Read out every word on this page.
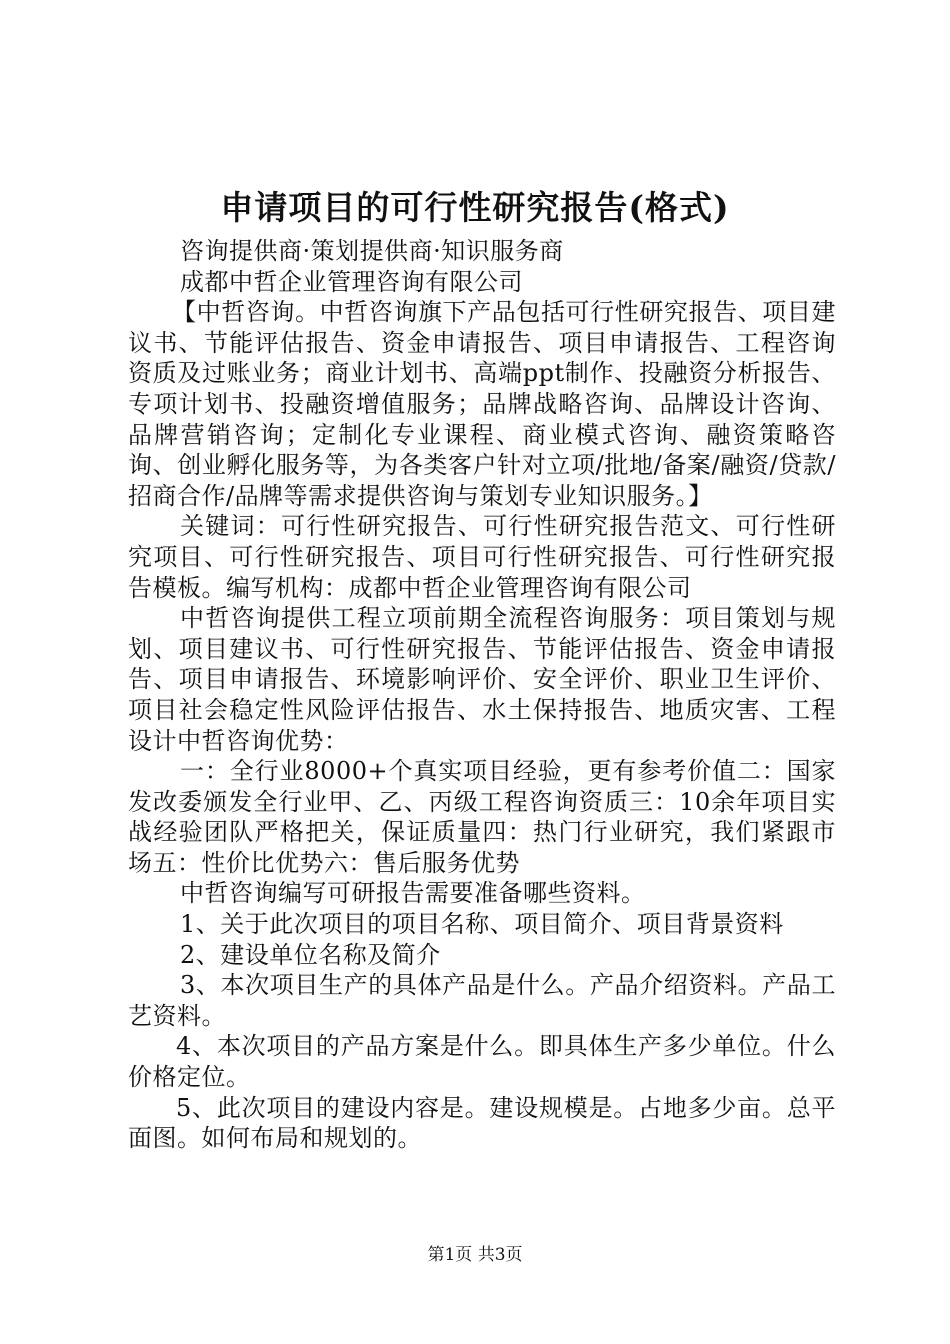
申请项目的可行性研究报告(格式)

咨询提供商·策划提供商·知识服务商

成都中哲企业管理咨询有限公司

【中哲咨询。中哲咨询旗下产品包括可行性研究报告、项目建议书、节能评估报告、资金申请报告、项目申请报告、工程咨询资质及过账业务；商业计划书、高端ppt制作、投融资分析报告、专项计划书、投融资增值服务；品牌战略咨询、品牌设计咨询、品牌营销咨询；定制化专业课程、商业模式咨询、融资策略咨询、创业孵化服务等，为各类客户针对立项/批地/备案/融资/贷款/招商合作/品牌等需求提供咨询与策划专业知识服务。】

关键词：可行性研究报告、可行性研究报告范文、可行性研究项目、可行性研究报告、项目可行性研究报告、可行性研究报告模板。编写机构：成都中哲企业管理咨询有限公司

中哲咨询提供工程立项前期全流程咨询服务：项目策划与规划、项目建议书、可行性研究报告、节能评估报告、资金申请报告、项目申请报告、环境影响评价、安全评价、职业卫生评价、项目社会稳定性风险评估报告、水土保持报告、地质灾害、工程设计中哲咨询优势：

一：全行业8000+个真实项目经验，更有参考价值二：国家发改委颁发全行业甲、乙、丙级工程咨询资质三：10余年项目实战经验团队严格把关，保证质量四：热门行业研究，我们紧跟市场五：性价比优势六：售后服务优势

中哲咨询编写可研报告需要准备哪些资料。

1、关于此次项目的项目名称、项目简介、项目背景资料

2、建设单位名称及简介

3、本次项目生产的具体产品是什么。产品介绍资料。产品工艺资料。

4、本次项目的产品方案是什么。即具体生产多少单位。什么价格定位。

5、此次项目的建设内容是。建设规模是。占地多少亩。总平面图。如何布局和规划的。

第1页 共3页
